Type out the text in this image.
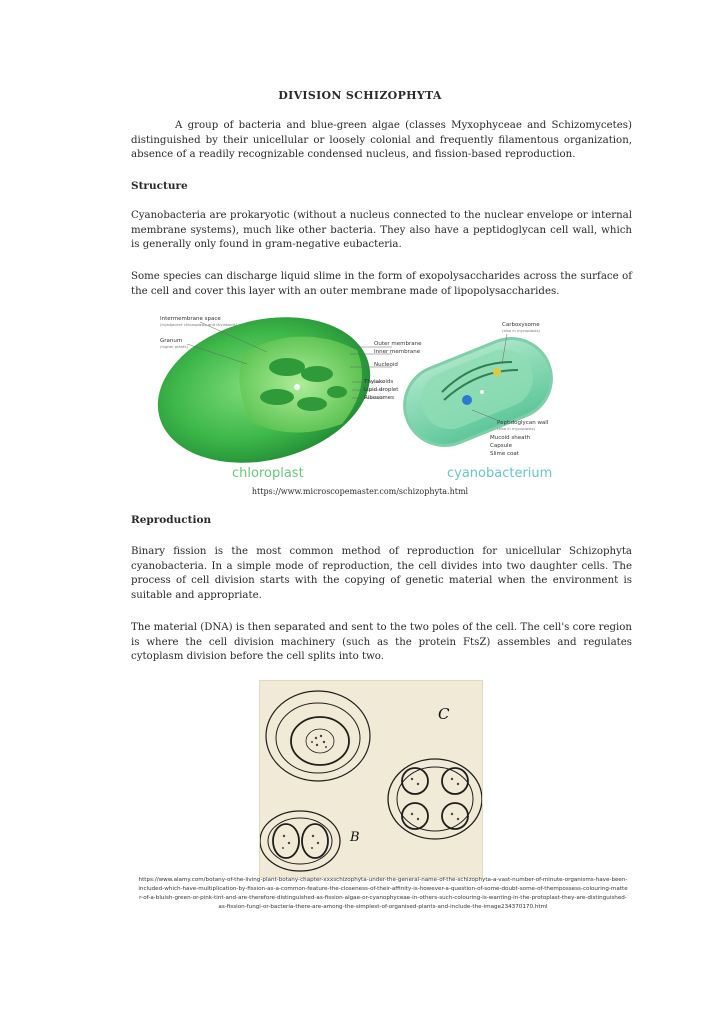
DIVISION SCHIZOPHYTA
A group of bacteria and blue-green algae (classes Myxophyceae and Schizomycetes) distinguished by their unicellular or loosely colonial and frequently filamentous organization, absence of a readily recognizable condensed nucleus, and fission-based reproduction.
Structure
Cyanobacteria are prokaryotic (without a nucleus connected to the nuclear envelope or internal membrane systems), much like other bacteria. They also have a peptidoglycan cell wall, which is generally only found in gram-negative eubacteria.
Some species can discharge liquid slime in the form of exopolysaccharides across the surface of the cell and cover this layer with an outer membrane made of lipopolysaccharides.
Intermembrane space
(in/adjacent chloroplasts and thylakoids)
Granum
(higher plants)	Outer membrane
Inner membrane
Nucleoid
Thylakoids
Lipid droplet
Ribosomes
Carboxysome
(also in mycoplasts)
Peptidoglycan wall
(also in mycoplasts)
Mucoid sheath
Capsule
Slime coat
chloroplast	cyanobacterium
https://www.microscopemaster.com/schizophyta.html
Reproduction
Binary fission is the most common method of reproduction for unicellular Schizophyta cyanobacteria. In a simple mode of reproduction, the cell divides into two daughter cells. The process of cell division starts with the copying of genetic material when the environment is suitable and appropriate.
The material (DNA) is then separated and sent to the two poles of the cell. The cell's core region is where the cell division machinery (such as the protein FtsZ) assembles and regulates cytoplasm division before the cell splits into two.
B
C
https://www.alamy.com/botany-of-the-living-plant-botany-chapter-xxxschizophyta-under-the-general-name-of-the-schizophyta-a-vast-number-of-minute-organisms-have-been-included-which-have-multiplication-by-fission-as-a-common-feature-the-closeness-of-their-affinity-is-however-a-question-of-some-doubt-some-of-thempossess-colouring-matter-of-a-bluish-green-or-pink-tint-and-are-therefore-distinguished-as-fission-algae-or-cyanophyceae-in-others-such-colouring-is-wanting-in-the-protoplast-they-are-distinguished-as-fission-fungi-or-bacteria-there-are-among-the-simplest-of-organised-plants-and-include-the-image234370170.html
